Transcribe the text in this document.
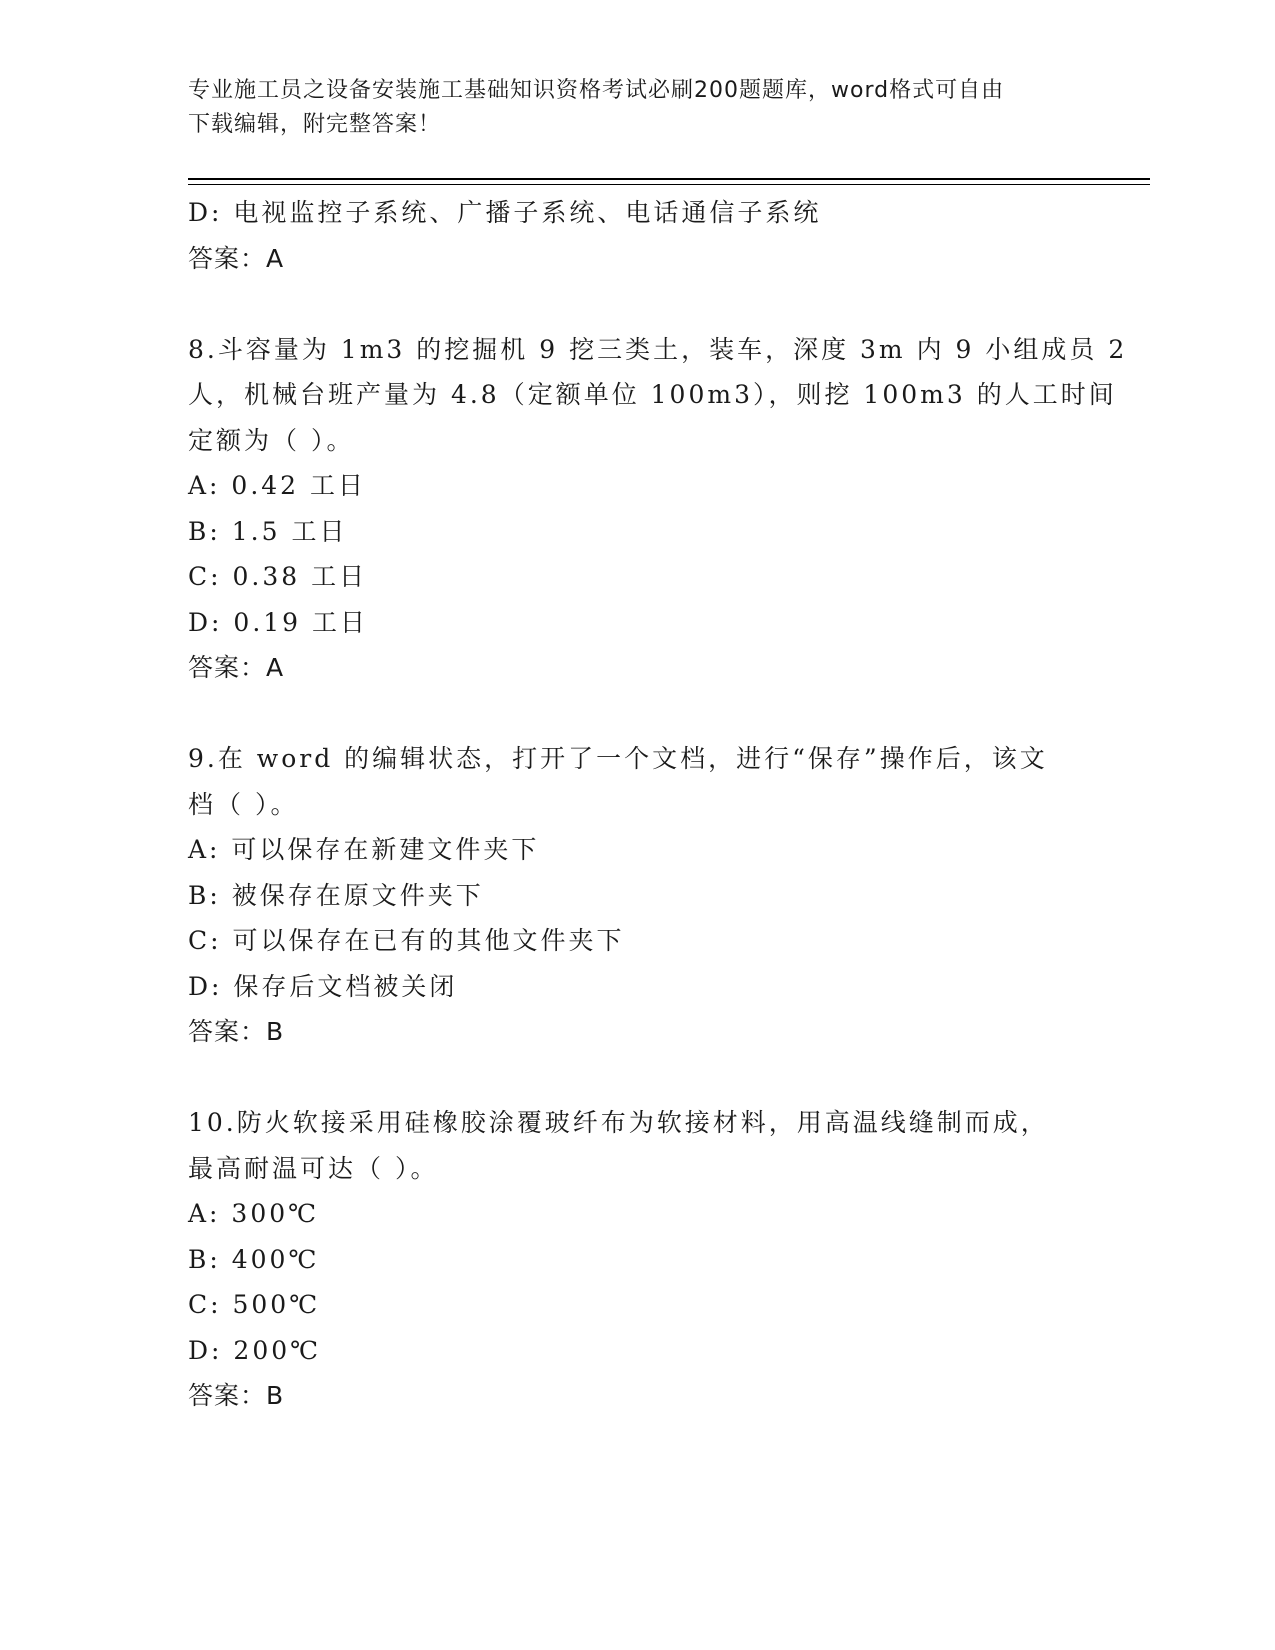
专业施工员之设备安装施工基础知识资格考试必刷200题题库，word格式可自由
下载编辑，附完整答案！
D: 电视监控子系统、广播子系统、电话通信子系统
答案：A
8.斗容量为 1m3 的挖掘机 9 挖三类土，装车，深度 3m 内 9 小组成员 2
人，机械台班产量为 4.8（定额单位 100m3），则挖 100m3 的人工时间
定额为（ ）。
A: 0.42 工日
B: 1.5 工日
C: 0.38 工日
D: 0.19 工日
答案：A
9.在 word 的编辑状态，打开了一个文档，进行“保存”操作后，该文
档（ ）。
A: 可以保存在新建文件夹下
B: 被保存在原文件夹下
C: 可以保存在已有的其他文件夹下
D: 保存后文档被关闭
答案：B
10.防火软接采用硅橡胶涂覆玻纤布为软接材料，用高温线缝制而成，
最高耐温可达（ ）。
A: 300℃
B: 400℃
C: 500℃
D: 200℃
答案：B
